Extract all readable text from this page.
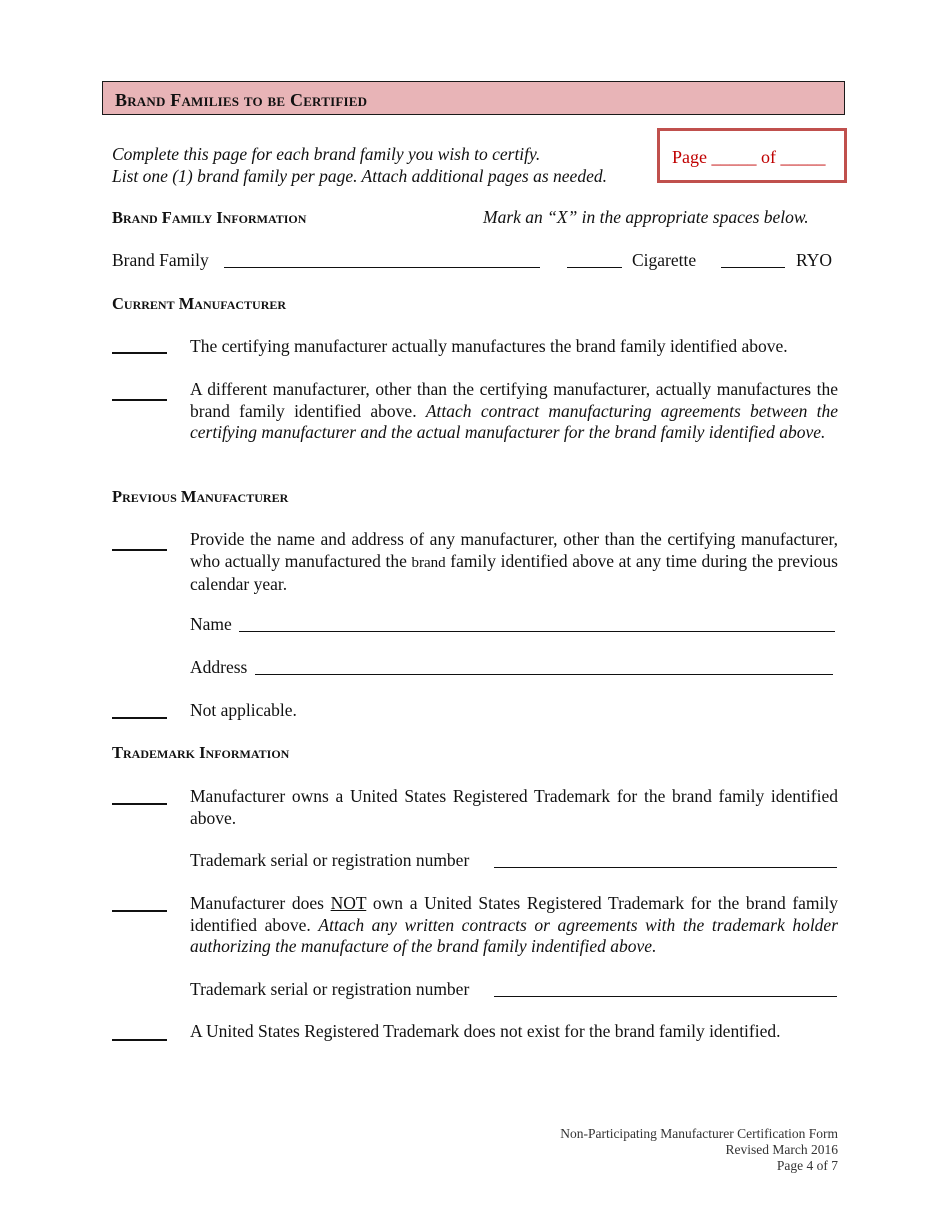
Brand Families to be Certified
Complete this page for each brand family you wish to certify.
List one (1) brand family per page. Attach additional pages as needed.
Page _____ of _____
Brand Family Information	Mark an “X” in the appropriate spaces below.
Brand Family	Cigarette	RYO
Current Manufacturer
The certifying manufacturer actually manufactures the brand family identified above.
A different manufacturer, other than the certifying manufacturer, actually manufactures the brand family identified above. Attach contract manufacturing agreements between the certifying manufacturer and the actual manufacturer for the brand family identified above.
Previous Manufacturer
Provide the name and address of any manufacturer, other than the certifying manufacturer, who actually manufactured the brand family identified above at any time during the previous calendar year.
Name
Address
Not applicable.
Trademark Information
Manufacturer owns a United States Registered Trademark for the brand family identified above.
Trademark serial or registration number
Manufacturer does NOT own a United States Registered Trademark for the brand family identified above. Attach any written contracts or agreements with the trademark holder authorizing the manufacture of the brand family indentified above.
Trademark serial or registration number
A United States Registered Trademark does not exist for the brand family identified.
Non-Participating Manufacturer Certification Form
Revised March 2016
Page 4 of 7
